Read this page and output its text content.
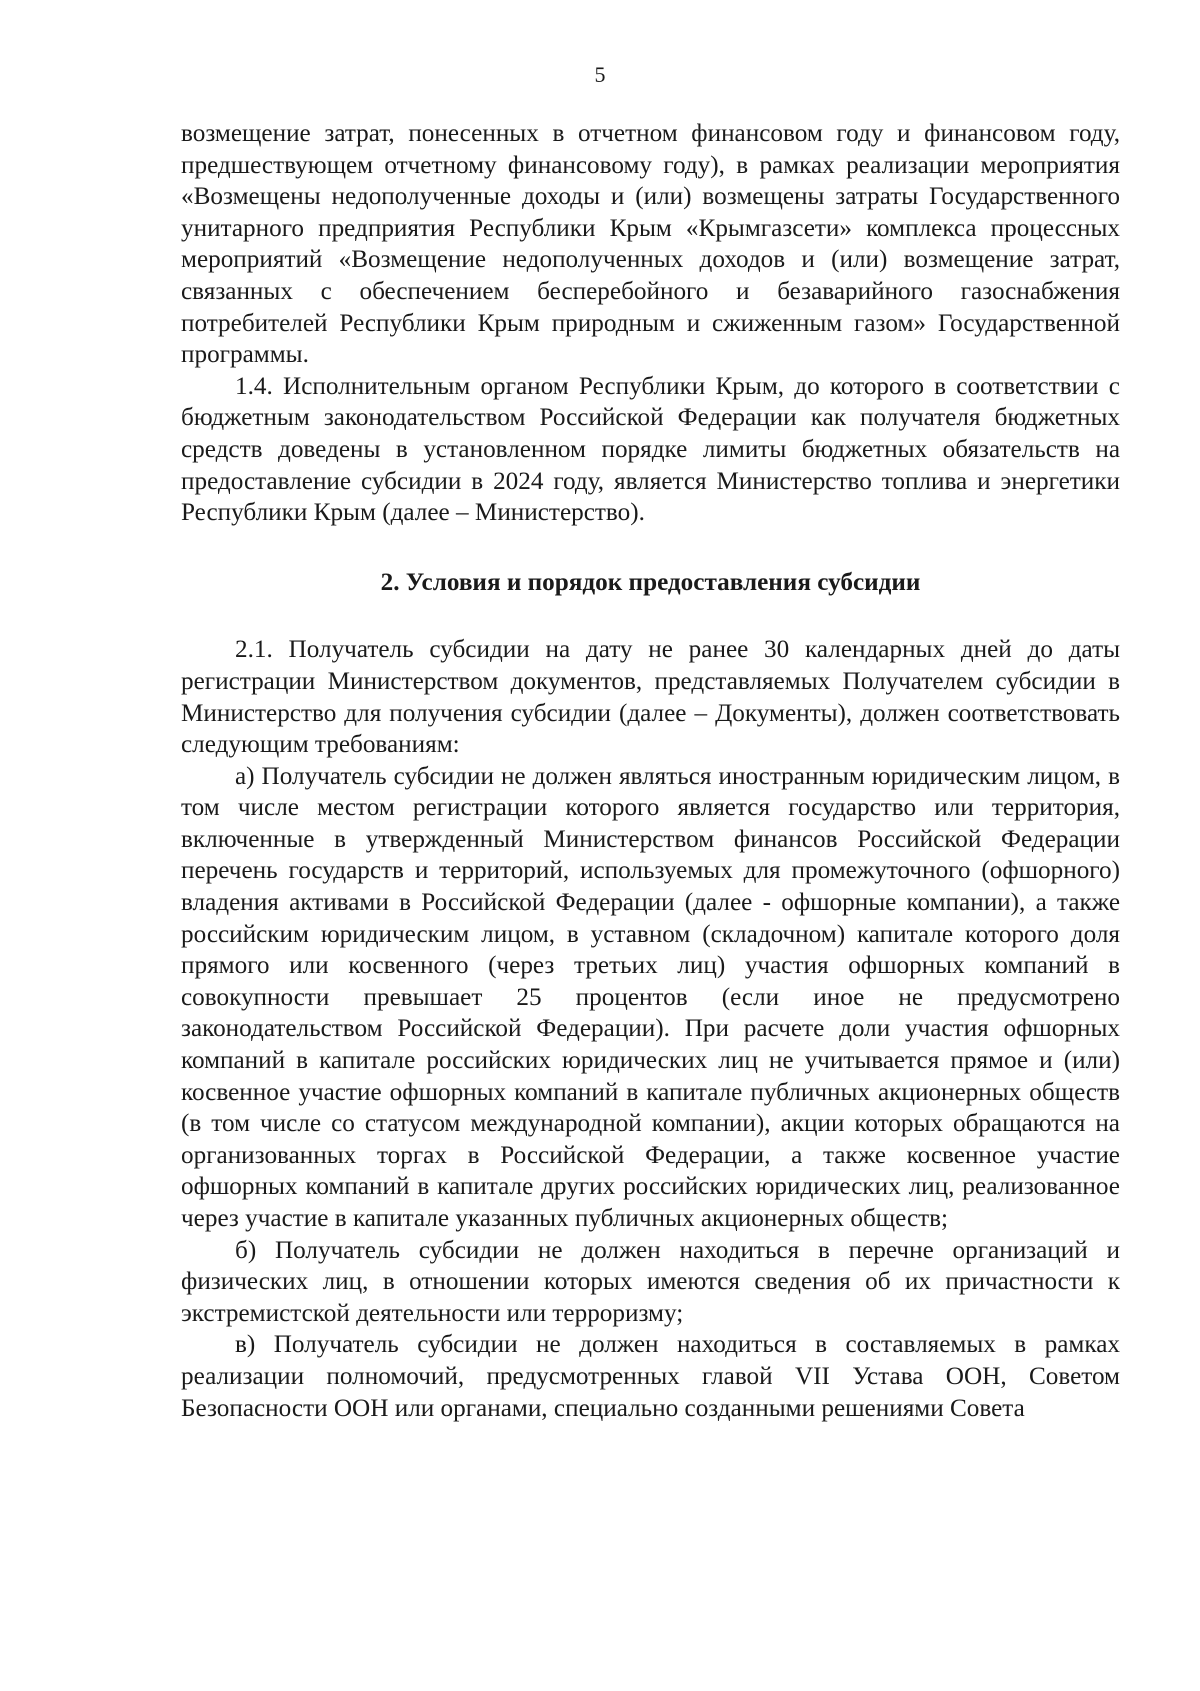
5

возмещение затрат, понесенных в отчетном финансовом году и финансовом году, предшествующем отчетному финансовому году), в рамках реализации мероприятия «Возмещены недополученные доходы и (или) возмещены затраты Государственного унитарного предприятия Республики Крым «Крымгазсети» комплекса процессных мероприятий «Возмещение недополученных доходов и (или) возмещение затрат, связанных с обеспечением бесперебойного и безаварийного газоснабжения потребителей Республики Крым природным и сжиженным газом» Государственной программы.

1.4. Исполнительным органом Республики Крым, до которого в соответствии с бюджетным законодательством Российской Федерации как получателя бюджетных средств доведены в установленном порядке лимиты бюджетных обязательств на предоставление субсидии в 2024 году, является Министерство топлива и энергетики Республики Крым (далее – Министерство).

2. Условия и порядок предоставления субсидии

2.1. Получатель субсидии на дату не ранее 30 календарных дней до даты регистрации Министерством документов, представляемых Получателем субсидии в Министерство для получения субсидии (далее – Документы), должен соответствовать следующим требованиям:

а) Получатель субсидии не должен являться иностранным юридическим лицом, в том числе местом регистрации которого является государство или территория, включенные в утвержденный Министерством финансов Российской Федерации перечень государств и территорий, используемых для промежуточного (офшорного) владения активами в Российской Федерации (далее - офшорные компании), а также российским юридическим лицом, в уставном (складочном) капитале которого доля прямого или косвенного (через третьих лиц) участия офшорных компаний в совокупности превышает 25 процентов (если иное не предусмотрено законодательством Российской Федерации). При расчете доли участия офшорных компаний в капитале российских юридических лиц не учитывается прямое и (или) косвенное участие офшорных компаний в капитале публичных акционерных обществ (в том числе со статусом международной компании), акции которых обращаются на организованных торгах в Российской Федерации, а также косвенное участие офшорных компаний в капитале других российских юридических лиц, реализованное через участие в капитале указанных публичных акционерных обществ;

б) Получатель субсидии не должен находиться в перечне организаций и физических лиц, в отношении которых имеются сведения об их причастности к экстремистской деятельности или терроризму;

в) Получатель субсидии не должен находиться в составляемых в рамках реализации полномочий, предусмотренных главой VII Устава ООН, Советом Безопасности ООН или органами, специально созданными решениями Совета
